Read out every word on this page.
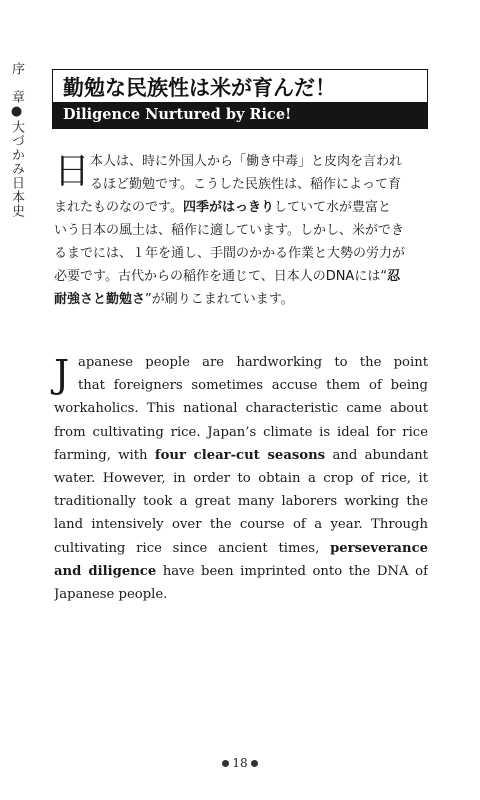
序　章●大づかみ日本史 勤勉な民族性は米が育んだ！
Diligence Nurtured by Rice!
日 本人は、時に外国人から「働き中毒」と皮肉を言われ
るほど勤勉です。こうした民族性は、稲作によって育
まれたものなのです。四季がはっきりしていて水が豊富と
いう日本の風土は、稲作に適しています。しかし、米ができ
るまでには、１年を通し、手間のかかる作業と大勢の労力が
必要です。古代からの稲作を通じて、日本人のDNAには“忍
耐強さと勤勉さ”が刷りこまれています。
J apanese people are hardworking to the point
that foreigners sometimes accuse them of being
workaholics. This national characteristic came about
from cultivating rice. Japan’s climate is ideal for rice
farming, with four clear-cut seasons and abundant
water. However, in order to obtain a crop of rice, it
traditionally took a great many laborers working the
land intensively over the course of a year. Through
cultivating rice since ancient times, perseverance
and diligence have been imprinted onto the DNA of
Japanese people.
18
